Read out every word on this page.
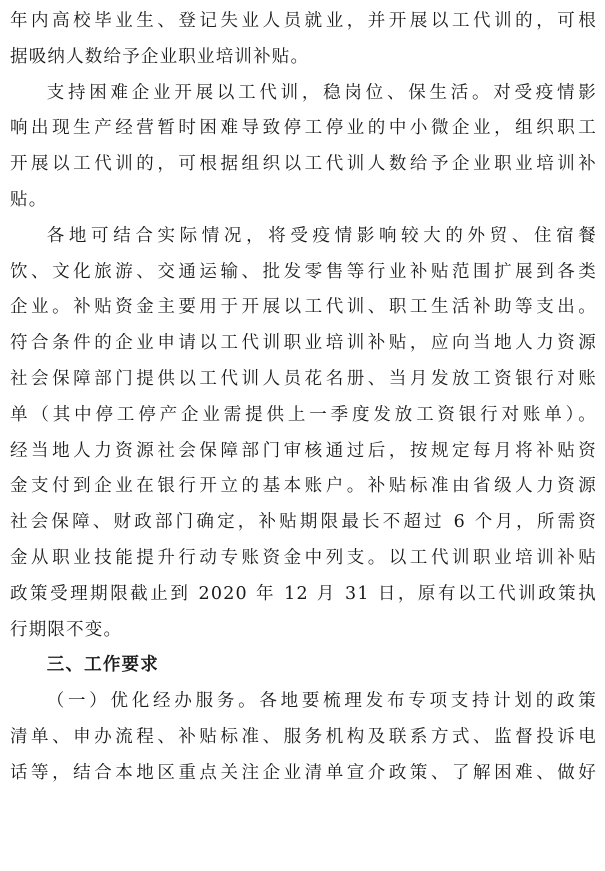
年内高校毕业生、登记失业人员就业，并开展以工代训的，可根
据吸纳人数给予企业职业培训补贴。

支持困难企业开展以工代训，稳岗位、保生活。对受疫情影
响出现生产经营暂时困难导致停工停业的中小微企业，组织职工
开展以工代训的，可根据组织以工代训人数给予企业职业培训补
贴。

各地可结合实际情况，将受疫情影响较大的外贸、住宿餐
饮、文化旅游、交通运输、批发零售等行业补贴范围扩展到各类
企业。补贴资金主要用于开展以工代训、职工生活补助等支出。
符合条件的企业申请以工代训职业培训补贴，应向当地人力资源
社会保障部门提供以工代训人员花名册、当月发放工资银行对账
单（其中停工停产企业需提供上一季度发放工资银行对账单）。
经当地人力资源社会保障部门审核通过后，按规定每月将补贴资
金支付到企业在银行开立的基本账户。补贴标准由省级人力资源
社会保障、财政部门确定，补贴期限最长不超过 6 个月，所需资
金从职业技能提升行动专账资金中列支。以工代训职业培训补贴
政策受理期限截止到 2020 年 12 月 31 日，原有以工代训政策执
行期限不变。

三、工作要求

（一）优化经办服务。各地要梳理发布专项支持计划的政策
清单、申办流程、补贴标准、服务机构及联系方式、监督投诉电
话等，结合本地区重点关注企业清单宣介政策、了解困难、做好
